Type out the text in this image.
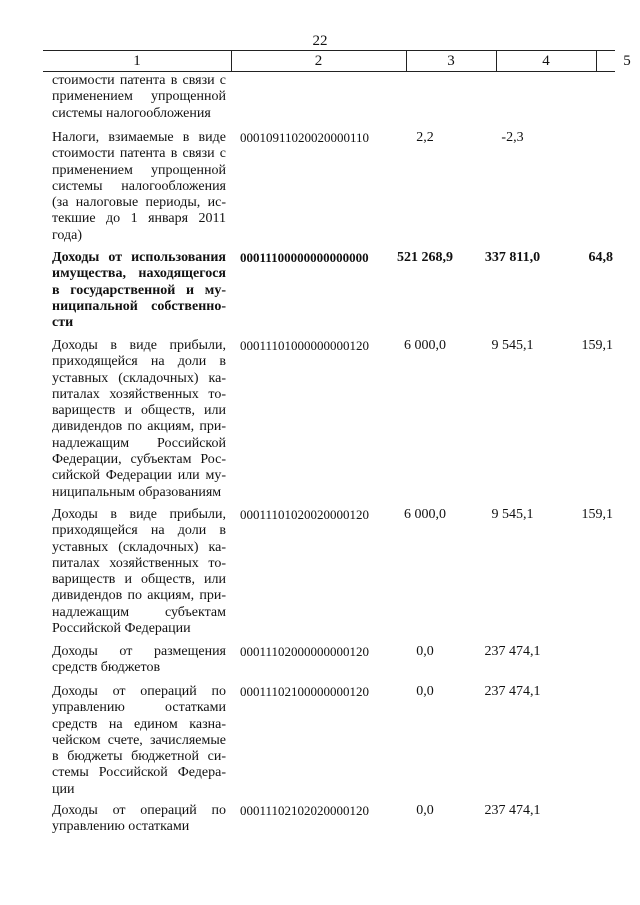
22
1	2	3	4	5
стоимости патента в связи с применением упрощенной системы налогообложения
Налоги, взимаемые в виде стоимости патента в связи с применением упрощенной системы налогообложения (за налоговые периоды, ис-текшие до 1 января 2011 года)
00010911020020000110	2,2	-2,3
Доходы от использования имущества, находящегося в государственной и му-ниципальной собственно-сти
00011100000000000000	521 268,9	337 811,0	64,8
Доходы в виде прибыли, приходящейся на доли в уставных (складочных) ка-питалах хозяйственных то-вариществ и обществ, или дивидендов по акциям, при-надлежащим Российской Федерации, субъектам Рос-сийской Федерации или му-ниципальным образованиям
00011101000000000120	6 000,0	9 545,1	159,1
Доходы в виде прибыли, приходящейся на доли в уставных (складочных) ка-питалах хозяйственных то-вариществ и обществ, или дивидендов по акциям, при-надлежащим субъектам Российской Федерации
00011101020020000120	6 000,0	9 545,1	159,1
Доходы от размещения средств бюджетов
00011102000000000120	0,0	237 474,1
Доходы от операций по управлению остатками средств на едином казна-чейском счете, зачисляемые в бюджеты бюджетной си-стемы Российской Федера-ции
00011102100000000120	0,0	237 474,1
Доходы от операций по управлению остатками
00011102102020000120	0,0	237 474,1
